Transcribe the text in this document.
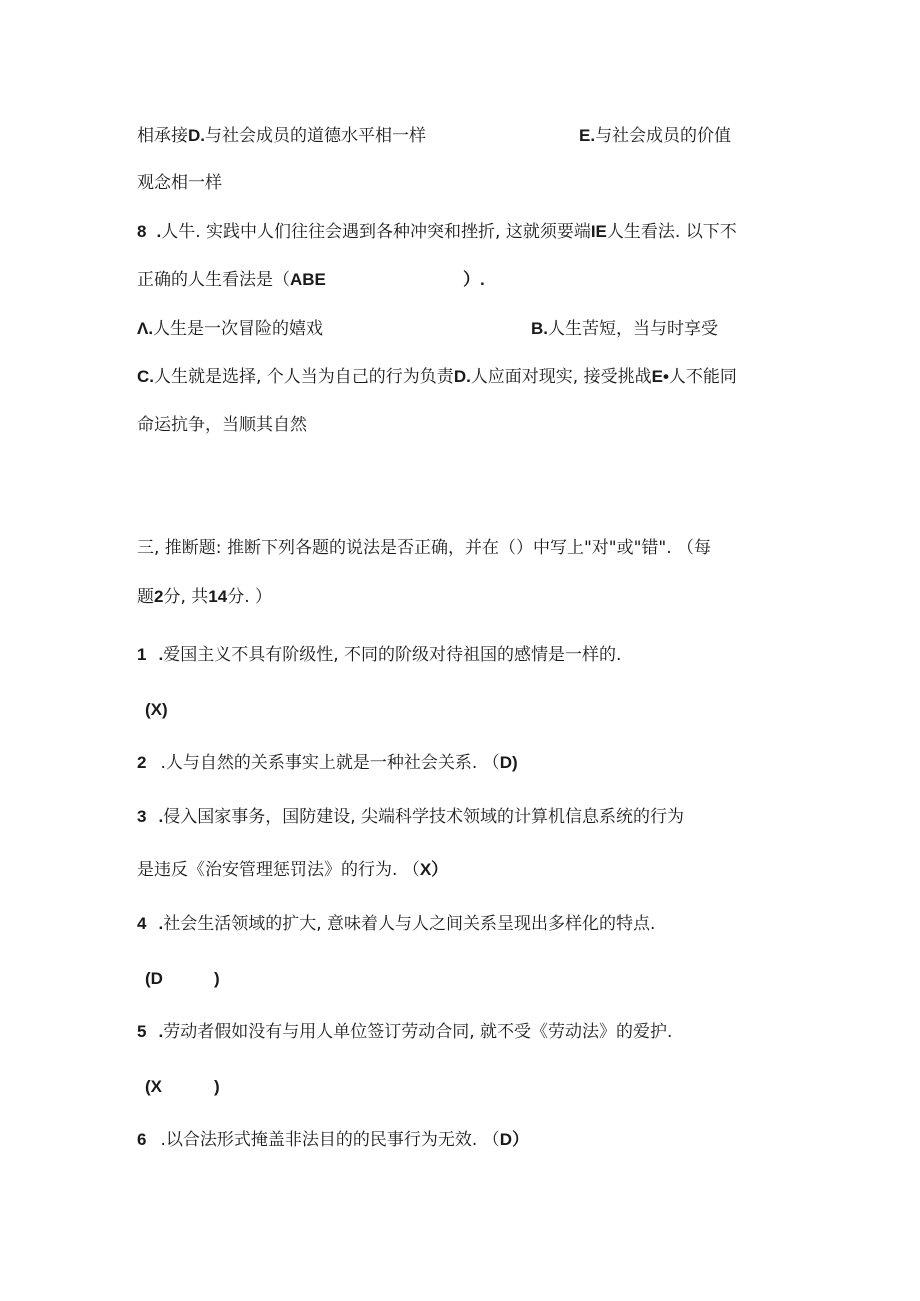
相承接D.与社会成员的道德水平相一样	E.与社会成员的价值
观念相一样
8 .人牛. 实践中人们往往会遇到各种冲突和挫折, 这就须要端IE人生看法. 以下不
正确的人生看法是（ABE	）.
Λ.人生是一次冒险的嬉戏	B.人生苦短，当与时享受
C.人生就是选择, 个人当为自己的行为负责D.人应面对现实, 接受挑战E•人不能同
命运抗争，当顺其自然
三, 推断题: 推断下列各题的说法是否正确，并在（）中写上"对"或"错". （每
题2分, 共14分. ）
1 .爱国主义不具有阶级性, 不同的阶级对待祖国的感情是一样的.
(X)
2 .人与自然的关系事实上就是一种社会关系. （D)
3 .侵入国家事务，国防建设, 尖端科学技术领域的计算机信息系统的行为
是违反《治安管理惩罚法》的行为. （X）
4 .社会生活领域的扩大, 意味着人与人之间关系呈现出多样化的特点.
(D	)
5 .劳动者假如没有与用人单位签订劳动合同, 就不受《劳动法》的爱护.
(X	)
6 .以合法形式掩盖非法目的的民事行为无效. （D）
